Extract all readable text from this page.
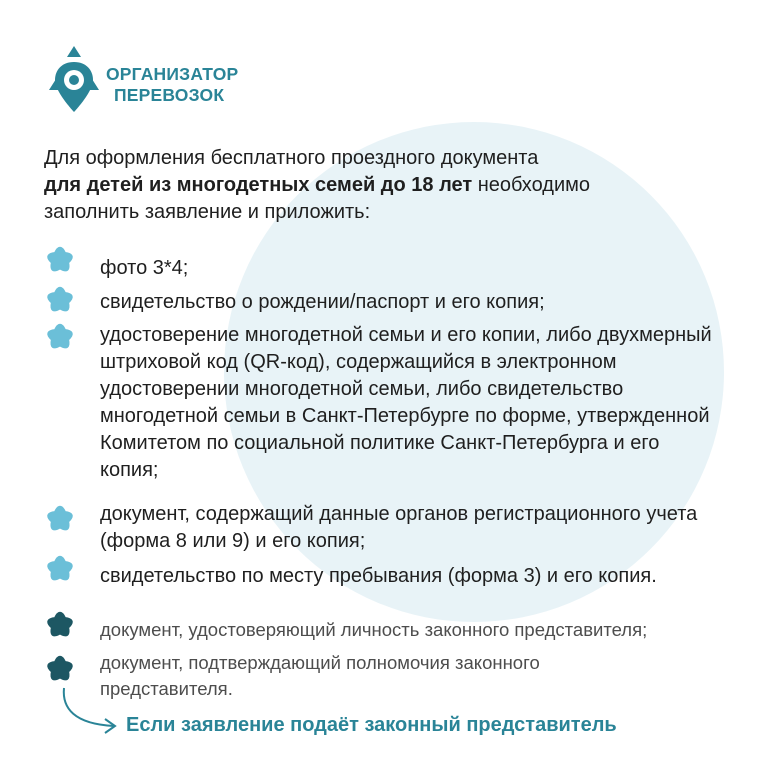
ОРГАНИЗАТОР
ПЕРЕВОЗОК
Для оформления бесплатного проездного документа
для детей из многодетных семей до 18 лет необходимо
заполнить заявление и приложить:
фото 3*4;
свидетельство о рождении/паспорт и его копия;
удостоверение многодетной семьи и его копии, либо двухмерный штриховой код (QR-код), содержащийся в электронном удостоверении многодетной семьи, либо свидетельство многодетной семьи в Санкт-Петербурге по форме, утвержденной Комитетом по социальной политике Санкт-Петербурга и его копия;
документ, содержащий данные органов регистрационного учета (форма 8 или 9) и его копия;
свидетельство по месту пребывания (форма 3) и его копия.
документ, удостоверяющий личность законного представителя;
документ, подтверждающий полномочия законного представителя.
Если заявление подаёт законный представитель
